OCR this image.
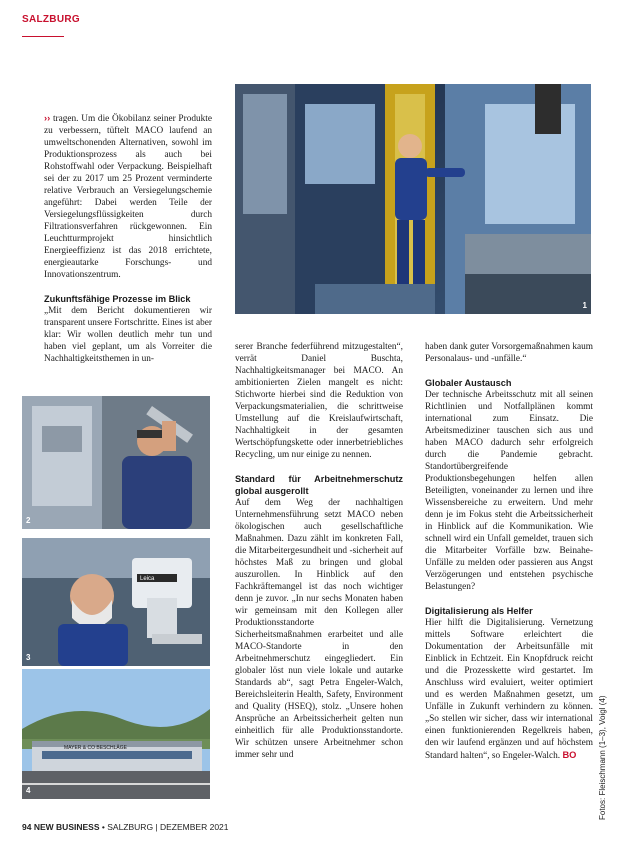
SALZBURG

›› tragen. Um die Ökobilanz seiner Produkte zu verbessern, tüftelt MACO laufend an umweltschonenden Alternativen, sowohl im Produktionsprozess als auch bei Rohstoffwahl oder Verpackung. Beispielhaft sei der zu 2017 um 25 Prozent verminderte relative Verbrauch an Versiegelungschemie angeführt: Dabei werden Teile der Versiegelungsflüssigkeiten durch Filtrationsverfahren rückgewonnen. Ein Leuchtturmprojekt hinsichtlich Energieeffizienz ist das 2018 errichtete, energieautarke Forschungs- und Innovationszentrum.

Zukunftsfähige Prozesse im Blick

„Mit dem Bericht dokumentieren wir transparent unsere Fortschritte. Eines ist aber klar: Wir wollen deutlich mehr tun und haben viel geplant, um als Vorreiter die Nachhaltigkeitsthemen in un-

1
2
Leica
3
MAYER & CO BESCHLÄGE
4

serer Branche federführend mitzugestalten“, verrät Daniel Buschta, Nachhaltigkeitsmanager bei MACO. An ambitionierten Zielen mangelt es nicht: Stichworte hierbei sind die Reduktion von Verpackungsmaterialien, die schrittweise Umstellung auf die Kreislaufwirtschaft, Nachhaltigkeit in der gesamten Wertschöpfungskette oder innerbetriebliches Recycling, um nur einige zu nennen.

Standard für Arbeitnehmerschutz global ausgerollt

Auf dem Weg der nachhaltigen Unternehmensführung setzt MACO neben ökologischen auch gesellschaftliche Maßnahmen. Dazu zählt im konkreten Fall, die Mitarbeitergesundheit und -sicherheit auf höchstes Maß zu bringen und global auszurollen. In Hinblick auf den Fachkräftemangel ist das noch wichtiger denn je zuvor. „In nur sechs Monaten haben wir gemeinsam mit den Kollegen aller Produktionsstandorte Sicherheitsmaßnahmen erarbeitet und alle MACO-Standorte in den Arbeitnehmerschutz eingegliedert. Ein globaler löst nun viele lokale und autarke Standards ab“, sagt Petra Engeler-Walch, Bereichsleiterin Health, Safety, Environment and Quality (HSEQ), stolz. „Unsere hohen Ansprüche an Arbeitssicherheit gelten nun einheitlich für alle Produktionsstandorte. Wir schützen unsere Arbeitnehmer schon immer sehr und

haben dank guter Vorsorgemaßnahmen kaum Personalaus- und -unfälle.“

Globaler Austausch

Der technische Arbeitsschutz mit all seinen Richtlinien und Notfallplänen kommt international zum Einsatz. Die Arbeitsmediziner tauschen sich aus und haben MACO dadurch sehr erfolgreich durch die Pandemie gebracht. Standortübergreifende Produktionsbegehungen helfen allen Beteiligten, voneinander zu lernen und ihre Wissensbereiche zu erweitern. Und mehr denn je im Fokus steht die Arbeitssicherheit in Hinblick auf die Kommunikation. Wie schnell wird ein Unfall gemeldet, trauen sich die Mitarbeiter Vorfälle bzw. Beinahe-Unfälle zu melden oder passieren aus Angst Verzögerungen und entstehen psychische Belastungen?

Digitalisierung als Helfer

Hier hilft die Digitalisierung. Vernetzung mittels Software erleichtert die Dokumentation der Arbeitsunfälle mit Einblick in Echtzeit. Ein Knopfdruck reicht und die Prozesskette wird gestartet. Im Anschluss wird evaluiert, weiter optimiert und es werden Maßnahmen gesetzt, um Unfälle in Zukunft verhindern zu können. „So stellen wir sicher, dass wir international einen funktionierenden Regelkreis haben, den wir laufend ergänzen und auf höchstem Standard halten“, so Engeler-Walch. BO	Fotos: Fleischmann (1–3), Voigl (4)
94 NEW BUSINESS • SALZBURG | DEZEMBER 2021
